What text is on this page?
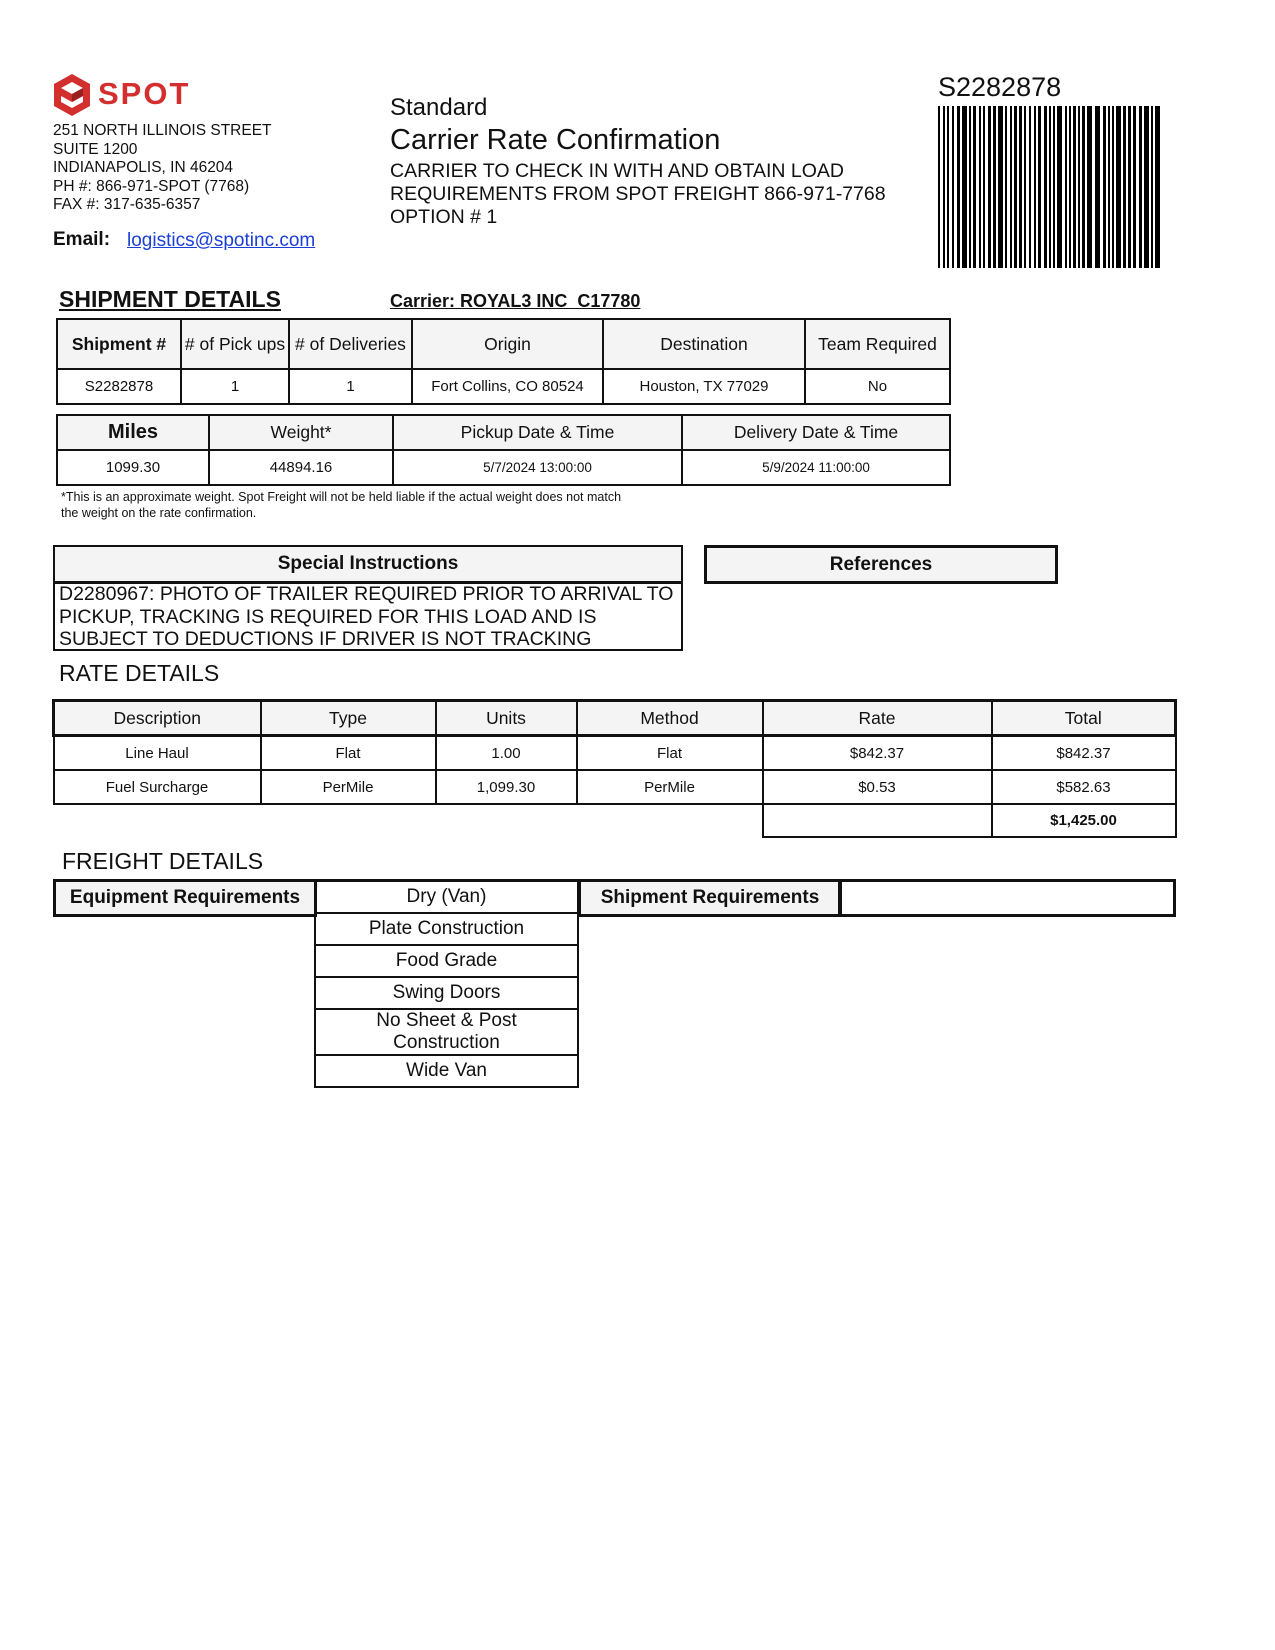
SPOT
251 NORTH ILLINOIS STREET
SUITE 1200
INDIANAPOLIS, IN 46204
PH #: 866-971-SPOT (7768)
FAX #: 317-635-6357
Email: logistics@spotinc.com
Standard
Carrier Rate Confirmation
CARRIER TO CHECK IN WITH AND OBTAIN LOAD REQUIREMENTS FROM SPOT FREIGHT 866-971-7768 OPTION # 1
S2282878
SHIPMENT DETAILS	Carrier: ROYAL3 INC  C17780
Shipment #	# of Pick ups	# of Deliveries	Origin	Destination	Team Required
S2282878	1	1	Fort Collins, CO 80524	Houston, TX 77029	No
Miles	Weight*	Pickup Date & Time	Delivery Date & Time
1099.30	44894.16	5/7/2024 13:00:00	5/9/2024 11:00:00
*This is an approximate weight. Spot Freight will not be held liable if the actual weight does not match the weight on the rate confirmation.
Special Instructions
D2280967: PHOTO OF TRAILER REQUIRED PRIOR TO ARRIVAL TO PICKUP, TRACKING IS REQUIRED FOR THIS LOAD AND IS SUBJECT TO DEDUCTIONS IF DRIVER IS NOT TRACKING
References
RATE DETAILS
Description	Type	Units	Method	Rate	Total
Line Haul	Flat	1.00	Flat	$842.37	$842.37
Fuel Surcharge	PerMile	1,099.30	PerMile	$0.53	$582.63
					$1,425.00
FREIGHT DETAILS
Equipment Requirements	Dry (Van)
Plate Construction
Food Grade
Swing Doors
No Sheet & Post Construction
Wide Van
Shipment Requirements
